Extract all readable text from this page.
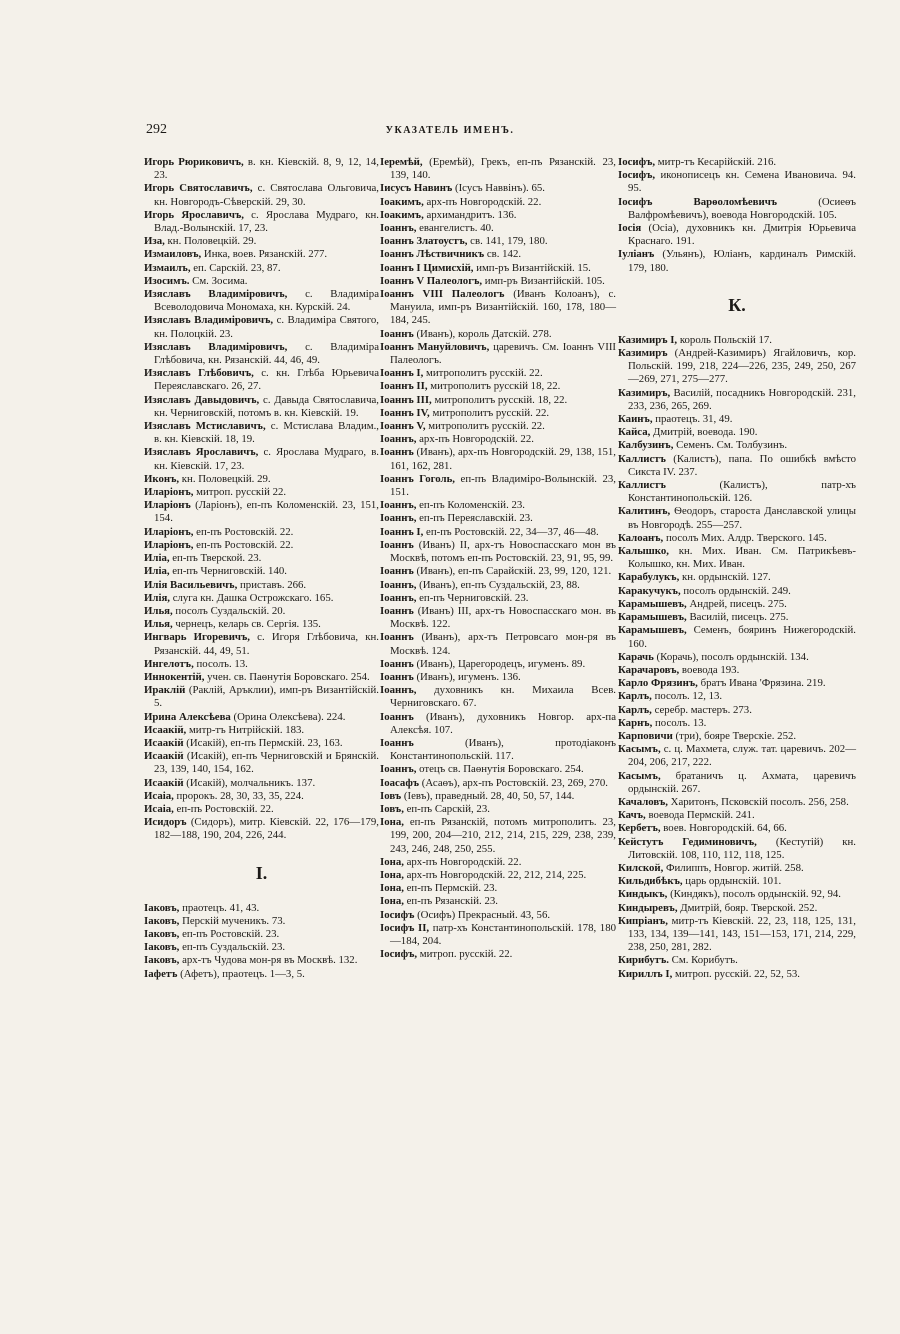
292	УКАЗАТЕЛЬ ИМЕНЪ.
Игорь Рюриковичъ, в. кн. Кіевскій. 8, 9, 12, 14, 23.
Игорь Святославичъ, с. Святослава Ольговича, кн. Новгородъ-Сѣверскій. 29, 30.
Игорь Ярославичъ, с. Ярослава Мудраго, кн. Влад.-Волынскій. 17, 23.
Иза, кн. Половецкій. 29.
Измаиловъ, Инка, воев. Рязанскій. 277.
Измаилъ, еп. Сарскій. 23, 87.
Изосимъ. См. Зосима.
Изяславъ Владиміровичъ, с. Владиміра Всеволодовича Мономаха, кн. Курскій. 24.
Изяславъ Владиміровичъ, с. Владиміра Святого, кн. Полоцкій. 23.
Изяславъ Владиміровичъ, с. Владиміра Глѣбовича, кн. Рязанскій. 44, 46, 49.
Изяславъ Глѣбовичъ, с. кн. Глѣба Юрьевича Переяславскаго. 26, 27.
Изяславъ Давыдовичъ, с. Давыда Святославича, кн. Черниговскій, потомъ в. кн. Кіевскій. 19.
Изяславъ Мстиславичъ, с. Мстислава Владим., в. кн. Кіевскій. 18, 19.
Изяславъ Ярославичъ, с. Ярослава Мудраго, в. кн. Кіевскій. 17, 23.
Иконъ, кн. Половецкій. 29.
Иларіонъ, митроп. русскій 22.
Иларіонъ (Ларіонъ), еп-пъ Коломенскій. 23, 151, 154.
Иларіонъ, еп-пъ Ростовскій. 22.
Иларіонъ, еп-пъ Ростовскій. 22.
Иліа, еп-пъ Тверской. 23.
Иліа, еп-пъ Черниговскій. 140.
Илія Васильевичъ, приставъ. 266.
Илія, слуга кн. Дашка Острожскаго. 165.
Илья, посолъ Суздальскій. 20.
Илья, чернецъ, келарь св. Сергія. 135.
Ингварь Игоревичъ, с. Игоря Глѣбовича, кн. Рязанскій. 44, 49, 51.
Ингелотъ, посолъ. 13.
Иннокентій, учен. св. Паѳнутія Боровскаго. 254.
Ираклій (Раклій, Аръклии), имп-ръ Византійскій. 5.
Ирина Алексѣева (Орина Олексѣева). 224.
Исаакій, митр-тъ Нитрійскій. 183.
Исаакій (Исакій), еп-пъ Пермскій. 23, 163.
Исаакій (Исакій), еп-пъ Черниговскій и Брянскій. 23, 139, 140, 154, 162.
Исаакій (Исакій), молчальникъ. 137.
Исаіа, пророкъ. 28, 30, 33, 35, 224.
Исаіа, еп-пъ Ростовскій. 22.
Исидоръ (Сидоръ), митр. Кіевскій. 22, 176—179, 182—188, 190, 204, 226, 244.
I.
Іаковъ, праотецъ. 41, 43.
Іаковъ, Перскій мученикъ. 73.
Іаковъ, еп-пъ Ростовскій. 23.
Іаковъ, еп-пъ Суздальскій. 23.
Іаковъ, арх-тъ Чудова мон-ря въ Москвѣ. 132.
Іафетъ (Афетъ), праотецъ. 1—3, 5.
Іеремѣй, (Еремѣй), Грекъ, еп-пъ Рязанскій. 23, 139, 140.
Іисусъ Навинъ (Ісусъ Наввінъ). 65.
Іоакимъ, арх-пъ Новгородскій. 22.
Іоакимъ, архимандритъ. 136.
Іоаннъ, евангелистъ. 40.
Іоаннъ Златоустъ, св. 141, 179, 180.
Іоаннъ Лѣствичникъ св. 142.
Іоаннъ I Цимисхій, имп-ръ Византійскій. 15.
Іоаннъ V Палеологъ, имп-ръ Византійскій. 105.
Іоаннъ VIII Палеологъ (Иванъ Колоанъ), с. Мануила, имп-ръ Византійскій. 160, 178, 180—184, 245.
Іоаннъ (Иванъ), король Датскій. 278.
Іоаннъ Мануйловичъ, царевичъ. См. Іоаннъ VIII Палеологъ.
Іоаннъ I, митрополитъ русскій. 22.
Іоаннъ II, митрополитъ русскій 18, 22.
Іоаннъ III, митрополитъ русскій. 18, 22.
Іоаннъ IV, митрополитъ русскій. 22.
Іоаннъ V, митрополитъ русскій. 22.
Іоаннъ, арх-пъ Новгородскій. 22.
Іоаннъ (Иванъ), арх-пъ Новгородскій. 29, 138, 151, 161, 162, 281.
Іоаннъ Гоголь, еп-пъ Владиміро-Волынскій. 23, 151.
Іоаннъ, еп-пъ Коломенскій. 23.
Іоаннъ, еп-пъ Переяславскій. 23.
Іоаннъ I, еп-пъ Ростовскій. 22, 34—37, 46—48.
Іоаннъ (Иванъ) II, арх-тъ Новоспасскаго мон въ Москвѣ, потомъ еп-пъ Ростовскій. 23, 91, 95, 99.
Іоаннъ (Иванъ), еп-пъ Сарайскій. 23, 99, 120, 121.
Іоаннъ, (Иванъ), еп-пъ Суздальскій, 23, 88.
Іоаннъ, еп-пъ Черниговскій. 23.
Іоаннъ (Иванъ) III, арх-тъ Новоспасскаго мон. въ Москвѣ. 122.
Іоаннъ (Иванъ), арх-тъ Петровсаго мон-ря въ Москвѣ. 124.
Іоаннъ (Иванъ), Царегородецъ, игуменъ. 89.
Іоаннъ (Иванъ), игуменъ. 136.
Іоаннъ, духовникъ кн. Михаила Всев. Черниговскаго. 67.
Іоаннъ (Иванъ), духовникъ Новгор. арх-па Алексѣя. 107.
Іоаннъ (Иванъ), протодіаконъ Константинопольскій. 117.
Іоаннъ, отецъ св. Паѳнутія Боровскаго. 254.
Іоасафъ (Асаѳъ), арх-пъ Ростовскій. 23, 269, 270.
Іовъ (Іевъ), праведный. 28, 40, 50, 57, 144.
Іовъ, еп-пъ Сарскій, 23.
Іона, еп-пъ Рязанскій, потомъ митрополитъ. 23, 199, 200, 204—210, 212, 214, 215, 229, 238, 239, 243, 246, 248, 250, 255.
Іона, арх-пъ Новгородскій. 22.
Іона, арх-пъ Новгородскій. 22, 212, 214, 225.
Іона, еп-пъ Пермскій. 23.
Іона, еп-пъ Рязанскій. 23.
Іосифъ (Осифъ) Прекрасный. 43, 56.
Іосифъ II, патр-хъ Константинопольскій. 178, 180—184, 204.
Іосифъ, митроп. русскій. 22.
Іосифъ, митр-тъ Кесарійскій. 216.
Іосифъ, иконописецъ кн. Семена Ивановича. 94. 95.
Іосифъ Варѳоломѣевичъ (Осиеѳъ Валфромѣевичъ), воевода Новгородскій. 105.
Іосія (Осіа), духовникъ кн. Дмитрія Юрьевича Краснаго. 191.
Іуліанъ (Ульянъ), Юліанъ, кардиналъ Римскій. 179, 180.
К.
Казимиръ I, король Польскій 17.
Казимиръ (Андрей-Казимиръ) Ягайловичъ, кор. Польскій. 199, 218, 224—226, 235, 249, 250, 267—269, 271, 275—277.
Казимиръ, Василій, посадникъ Новгородскій. 231, 233, 236, 265, 269.
Каинъ, праотецъ. 31, 49.
Кайса, Дмитрій, воевода. 190.
Калбузинъ, Семенъ. См. Толбузинъ.
Каллистъ (Калистъ), папа. По ошибкѣ вмѣсто Сикста IV. 237.
Каллистъ (Калистъ), патр-хъ Константинопольскій. 126.
Калитинъ, Ѳеодоръ, староста Данславской улицы въ Новгородѣ. 255—257.
Калоанъ, посолъ Мих. Алдр. Тверского. 145.
Калышко, кн. Мих. Иван. См. Патрикѣевъ-Колышко, кн. Мих. Иван.
Карабулукъ, кн. ордынскій. 127.
Каракучукъ, посолъ ордынскій. 249.
Карамышевъ, Андрей, писецъ. 275.
Карамышевъ, Василій, писецъ. 275.
Карамышевъ, Семенъ, бояринъ Нижегородскій. 160.
Карачь (Корачь), посолъ ордынскій. 134.
Карачаровъ, воевода 193.
Карло Фрязинъ, братъ Ивана 'Фрязина. 219.
Карлъ, посолъ. 12, 13.
Карлъ, серебр. мастеръ. 273.
Карнъ, посолъ. 13.
Карповичи (три), бояре Тверскіе. 252.
Касымъ, с. ц. Махмета, служ. тат. царевичъ. 202—204, 206, 217, 222.
Касымъ, братаничъ ц. Ахмата, царевичъ ордынскій. 267.
Качаловъ, Харитонъ, Псковскій посолъ. 256, 258.
Качъ, воевода Пермскій. 241.
Кербетъ, воев. Новгородскій. 64, 66.
Кейстутъ Гедиминовичъ, (Кестутій) кн. Литовскій. 108, 110, 112, 118, 125.
Килской, Филиппъ, Новгор. житій. 258.
Кильдибѣкъ, царь ордынскій. 101.
Киндыкъ, (Киндякъ), посолъ ордынскій. 92, 94.
Киндыревъ, Дмитрій, бояр. Тверской. 252.
Кипріанъ, митр-тъ Кіевскій. 22, 23, 118, 125, 131, 133, 134, 139—141, 143, 151—153, 171, 214, 229, 238, 250, 281, 282.
Кирибутъ. См. Корибутъ.
Кириллъ I, митроп. русскій. 22, 52, 53.
